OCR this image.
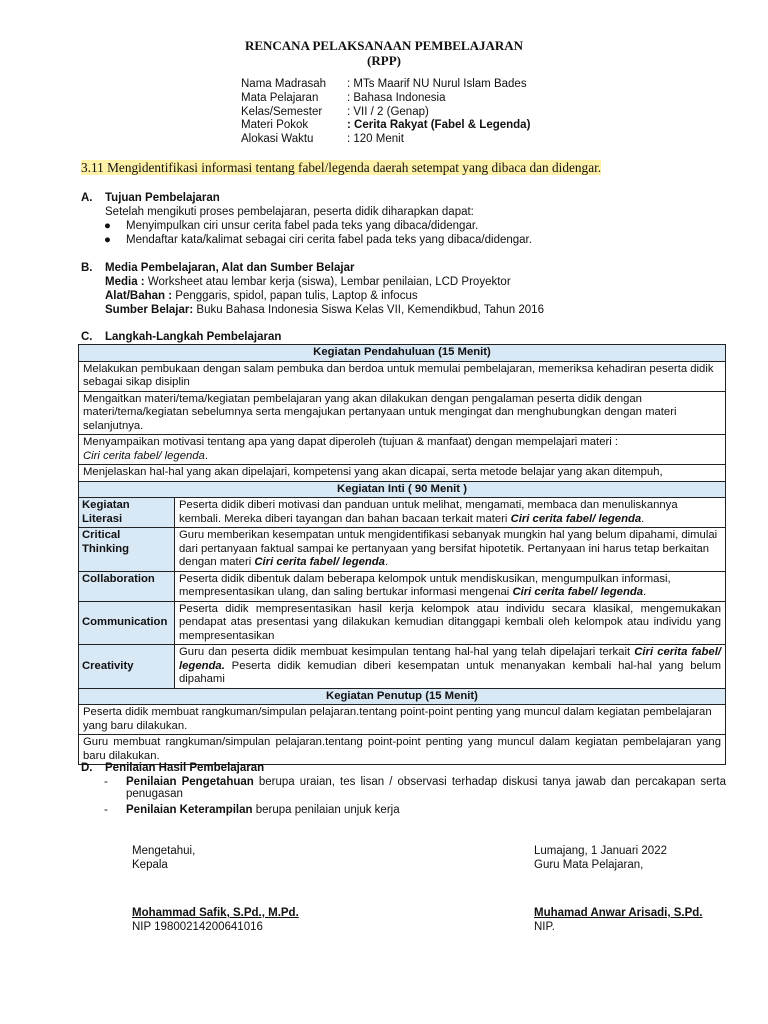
RENCANA PELAKSANAAN PEMBELAJARAN
(RPP)
Nama Madrasah	: MTs Maarif NU Nurul Islam Bades
Mata Pelajaran	: Bahasa Indonesia
Kelas/Semester	: VII / 2 (Genap)
Materi Pokok	: Cerita Rakyat (Fabel & Legenda)
Alokasi Waktu	: 120 Menit
3.11 Mengidentifikasi informasi tentang fabel/legenda daerah setempat yang dibaca dan didengar.
A. Tujuan Pembelajaran
Setelah mengikuti proses pembelajaran, peserta didik diharapkan dapat:
●	Menyimpulkan ciri unsur cerita fabel pada teks yang dibaca/didengar.
●	Mendaftar kata/kalimat sebagai ciri cerita fabel pada teks yang dibaca/didengar.
B. Media Pembelajaran, Alat dan Sumber Belajar
Media : Worksheet atau lembar kerja (siswa), Lembar penilaian, LCD Proyektor
Alat/Bahan : Penggaris, spidol, papan tulis, Laptop & infocus
Sumber Belajar: Buku Bahasa Indonesia Siswa Kelas VII, Kemendikbud, Tahun 2016
C. Langkah-Langkah Pembelajaran
Kegiatan Pendahuluan (15 Menit)	
Melakukan pembukaan dengan salam pembuka dan berdoa untuk memulai pembelajaran, memeriksa kehadiran peserta didik sebagai sikap disiplin	
Mengaitkan materi/tema/kegiatan pembelajaran yang akan dilakukan dengan pengalaman peserta didik dengan materi/tema/kegiatan sebelumnya serta mengajukan pertanyaan untuk mengingat dan menghubungkan dengan materi selanjutnya.	
Menyampaikan motivasi tentang apa yang dapat diperoleh (tujuan & manfaat) dengan mempelajari materi :
Ciri cerita fabel/ legenda.	
Menjelaskan hal-hal yang akan dipelajari, kompetensi yang akan dicapai, serta metode belajar yang akan ditempuh,	
Kegiatan Inti ( 90 Menit )	
Kegiatan Literasi	Peserta didik diberi motivasi dan panduan untuk melihat, mengamati, membaca dan menuliskannya kembali. Mereka diberi tayangan dan bahan bacaan terkait materi Ciri cerita fabel/ legenda.
Critical Thinking	Guru memberikan kesempatan untuk mengidentifikasi sebanyak mungkin hal yang belum dipahami, dimulai dari pertanyaan faktual sampai ke pertanyaan yang bersifat hipotetik. Pertanyaan ini harus tetap berkaitan dengan materi Ciri cerita fabel/ legenda.
Collaboration	Peserta didik dibentuk dalam beberapa kelompok untuk mendiskusikan, mengumpulkan informasi, mempresentasikan ulang, dan saling bertukar informasi mengenai Ciri cerita fabel/ legenda.
Communication	Peserta didik mempresentasikan hasil kerja kelompok atau individu secara klasikal, mengemukakan pendapat atas presentasi yang dilakukan kemudian ditanggapi kembali oleh kelompok atau individu yang mempresentasikan
Creativity	Guru dan peserta didik membuat kesimpulan tentang hal-hal yang telah dipelajari terkait Ciri cerita fabel/ legenda. Peserta didik kemudian diberi kesempatan untuk menanyakan kembali hal-hal yang belum dipahami
Kegiatan Penutup (15 Menit)	
Peserta didik membuat rangkuman/simpulan pelajaran.tentang point-point penting yang muncul dalam kegiatan pembelajaran yang baru dilakukan.	
Guru membuat rangkuman/simpulan pelajaran.tentang point-point penting yang muncul dalam kegiatan pembelajaran yang baru dilakukan.	
D. Penilaian Hasil Pembelajaran
-	Penilaian Pengetahuan berupa uraian, tes lisan / observasi terhadap diskusi tanya jawab dan percakapan serta penugasan
-	Penilaian Keterampilan berupa penilaian unjuk kerja
Mengetahui,
Kepala
Mohammad Safik, S.Pd., M.Pd.
NIP 19800214200641016
Lumajang, 1 Januari 2022
Guru Mata Pelajaran,
Muhamad Anwar Arisadi, S.Pd.
NIP.
